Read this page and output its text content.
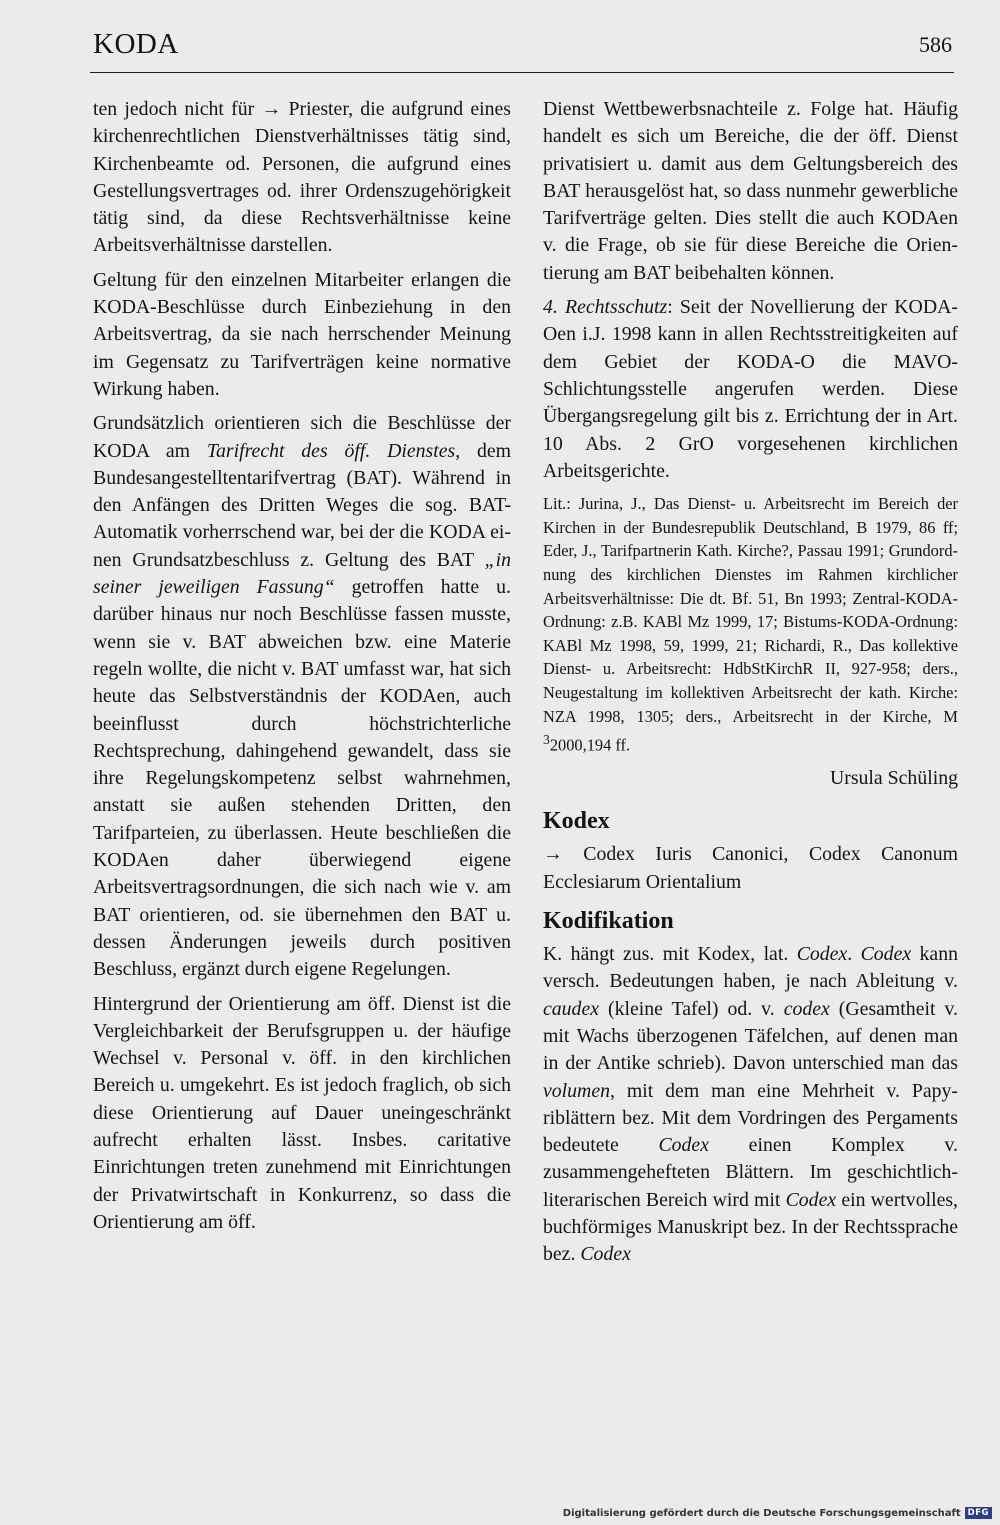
KODA	586

ten jedoch nicht für → Priester, die aufgrund eines kirchenrechtlichen Dienstverhältnisses tätig sind, Kirchenbeamte od. Personen, die aufgrund eines Gestellungsvertrages od. ihrer Ordenszugehörigkeit tätig sind, da diese Rechtsverhältnisse keine Arbeitsverhältnisse darstellen.

Geltung für den einzelnen Mitarbeiter erlangen die KODA-Beschlüsse durch Einbeziehung in den Arbeitsvertrag, da sie nach herrschender Meinung im Gegensatz zu Tarifverträgen keine normative Wirkung haben.

Grundsätzlich orientieren sich die Beschlüsse der KODA am Tarifrecht des öff. Dienstes, dem Bundesangestelltentarifvertrag (BAT). Während in den Anfängen des Dritten Weges die sog. BAT-Automatik vorherrschend war, bei der die KODA einen Grundsatzbeschluss z. Geltung des BAT „in seiner jeweiligen Fassung“ getroffen hatte u. darüber hinaus nur noch Beschlüsse fassen musste, wenn sie v. BAT abweichen bzw. eine Materie regeln wollte, die nicht v. BAT umfasst war, hat sich heute das Selbstverständnis der KODAen, auch beeinflusst durch höchstrichterliche Rechtsprechung, dahingehend gewandelt, dass sie ihre Regelungskompetenz selbst wahrnehmen, anstatt sie außen stehenden Dritten, den Tarifparteien, zu überlassen. Heute beschließen die KODAen daher überwiegend eigene Arbeitsvertragsordnungen, die sich nach wie v. am BAT orientieren, od. sie übernehmen den BAT u. dessen Änderungen jeweils durch positiven Beschluss, ergänzt durch eigene Regelungen.

Hintergrund der Orientierung am öff. Dienst ist die Vergleichbarkeit der Berufsgruppen u. der häufige Wechsel v. Personal v. öff. in den kirchlichen Bereich u. umgekehrt. Es ist jedoch fraglich, ob sich diese Orientierung auf Dauer uneingeschränkt aufrecht erhalten lässt. Insbes. caritative Einrichtungen treten zunehmend mit Einrichtungen der Privatwirtschaft in Konkurrenz, so dass die Orientierung am öff.

Dienst Wettbewerbsnachteile z. Folge hat. Häufig handelt es sich um Bereiche, die der öff. Dienst privatisiert u. damit aus dem Geltungsbereich des BAT herausgelöst hat, so dass nunmehr gewerbliche Tarifverträge gelten. Dies stellt die auch KODAen v. die Frage, ob sie für diese Bereiche die Orientierung am BAT beibehalten können.

4. Rechtsschutz: Seit der Novellierung der KODA-Oen i.J. 1998 kann in allen Rechtsstreitigkeiten auf dem Gebiet der KODA-O die MAVO-Schlichtungsstelle angerufen werden. Diese Übergangsregelung gilt bis z. Errichtung der in Art. 10 Abs. 2 GrO vorgesehenen kirchlichen Arbeitsgerichte.

Lit.: Jurina, J., Das Dienst- u. Arbeitsrecht im Bereich der Kirchen in der Bundesrepublik Deutschland, B 1979, 86 ff; Eder, J., Tarifpartnerin Kath. Kirche?, Passau 1991; Grundordnung des kirchlichen Dienstes im Rahmen kirchlicher Arbeitsverhältnisse: Die dt. Bf. 51, Bn 1993; Zentral-KODA-Ordnung: z.B. KABl Mz 1999, 17; Bistums-KODA-Ordnung: KABl Mz 1998, 59, 1999, 21; Richardi, R., Das kollektive Dienst- u. Arbeitsrecht: HdbStKirchR II, 927-958; ders., Neugestaltung im kollektiven Arbeitsrecht der kath. Kirche: NZA 1998, 1305; ders., Arbeitsrecht in der Kirche, M $^3$2000,194 ff.

Ursula Schüling
Kodex

→ Codex Iuris Canonici, Codex Canonum Ecclesiarum Orientalium

Kodifikation

K. hängt zus. mit Kodex, lat. Codex. Codex kann versch. Bedeutungen haben, je nach Ableitung v. caudex (kleine Tafel) od. v. codex (Gesamtheit v. mit Wachs überzogenen Täfelchen, auf denen man in der Antike schrieb). Davon unterschied man das volumen, mit dem man eine Mehrheit v. Papyriblättern bez. Mit dem Vordringen des Pergaments bedeutete Codex einen Komplex v. zusammengehefteten Blättern. Im geschichtlich-literarischen Bereich wird mit Codex ein wertvolles, buchförmiges Manuskript bez. In der Rechtssprache bez. Codex

Digitalisierung gefördert durch die Deutsche Forschungsgemeinschaft DFG
